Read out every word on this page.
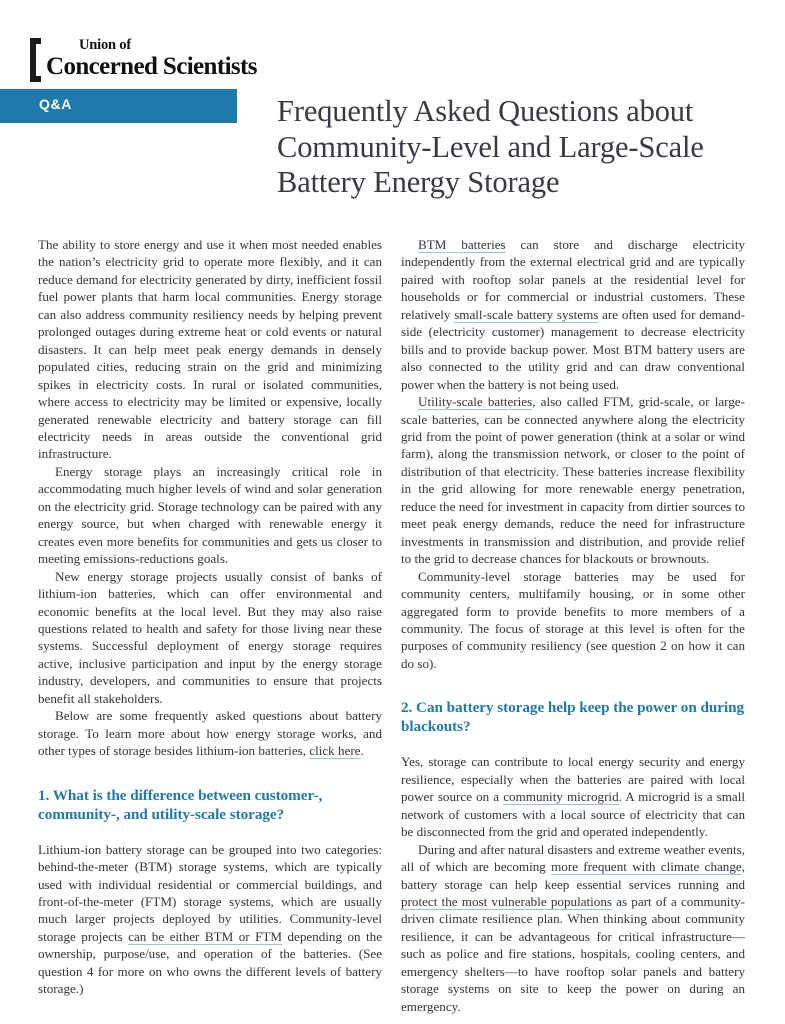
Union of
Concerned Scientists
Q&A	Frequently Asked Questions about
Community-Level and Large-Scale
Battery Energy Storage

The ability to store energy and use it when most needed enables the nation’s electricity grid to operate more flexibly, and it can reduce demand for electricity generated by dirty, inefficient fossil fuel power plants that harm local communities. Energy storage can also address community resiliency needs by helping prevent prolonged outages during extreme heat or cold events or natural disasters. It can help meet peak energy demands in densely populated cities, reducing strain on the grid and minimizing spikes in electricity costs. In rural or isolated communities, where access to electricity may be limited or expensive, locally generated renewable electricity and battery storage can fill electricity needs in areas outside the conventional grid infrastructure.

Energy storage plays an increasingly critical role in accommodating much higher levels of wind and solar generation on the electricity grid. Storage technology can be paired with any energy source, but when charged with renewable energy it creates even more benefits for communities and gets us closer to meeting emissions-reductions goals.

New energy storage projects usually consist of banks of lithium-ion batteries, which can offer environmental and economic benefits at the local level. But they may also raise questions related to health and safety for those living near these systems. Successful deployment of energy storage requires active, inclusive participation and input by the energy storage industry, developers, and communities to ensure that projects benefit all stakeholders.

Below are some frequently asked questions about battery storage. To learn more about how energy storage works, and other types of storage besides lithium-ion batteries, click here.

1. What is the difference between customer-, community-, and utility-scale storage?

Lithium-ion battery storage can be grouped into two categories: behind-the-meter (BTM) storage systems, which are typically used with individual residential or commercial buildings, and front-of-the-meter (FTM) storage systems, which are usually much larger projects deployed by utilities. Community-level storage projects can be either BTM or FTM depending on the ownership, purpose/use, and operation of the batteries. (See question 4 for more on who owns the different levels of battery storage.)

BTM batteries can store and discharge electricity independently from the external electrical grid and are typically paired with rooftop solar panels at the residential level for households or for commercial or industrial customers. These relatively small-scale battery systems are often used for demand-side (electricity customer) management to decrease electricity bills and to provide backup power. Most BTM battery users are also connected to the utility grid and can draw conventional power when the battery is not being used.

Utility-scale batteries, also called FTM, grid-scale, or large-scale batteries, can be connected anywhere along the electricity grid from the point of power generation (think at a solar or wind farm), along the transmission network, or closer to the point of distribution of that electricity. These batteries increase flexibility in the grid allowing for more renewable energy penetration, reduce the need for investment in capacity from dirtier sources to meet peak energy demands, reduce the need for infrastructure investments in transmission and distribution, and provide relief to the grid to decrease chances for blackouts or brownouts.

Community-level storage batteries may be used for community centers, multifamily housing, or in some other aggregated form to provide benefits to more members of a community. The focus of storage at this level is often for the purposes of community resiliency (see question 2 on how it can do so).

2. Can battery storage help keep the power on during blackouts?

Yes, storage can contribute to local energy security and energy resilience, especially when the batteries are paired with local power source on a community microgrid. A microgrid is a small network of customers with a local source of electricity that can be disconnected from the grid and operated independently.

During and after natural disasters and extreme weather events, all of which are becoming more frequent with climate change, battery storage can help keep essential services running and protect the most vulnerable populations as part of a community-driven climate resilience plan. When thinking about community resilience, it can be advantageous for critical infrastructure—such as police and fire stations, hospitals, cooling centers, and emergency shelters—to have rooftop solar panels and battery storage systems on site to keep the power on during an emergency.
